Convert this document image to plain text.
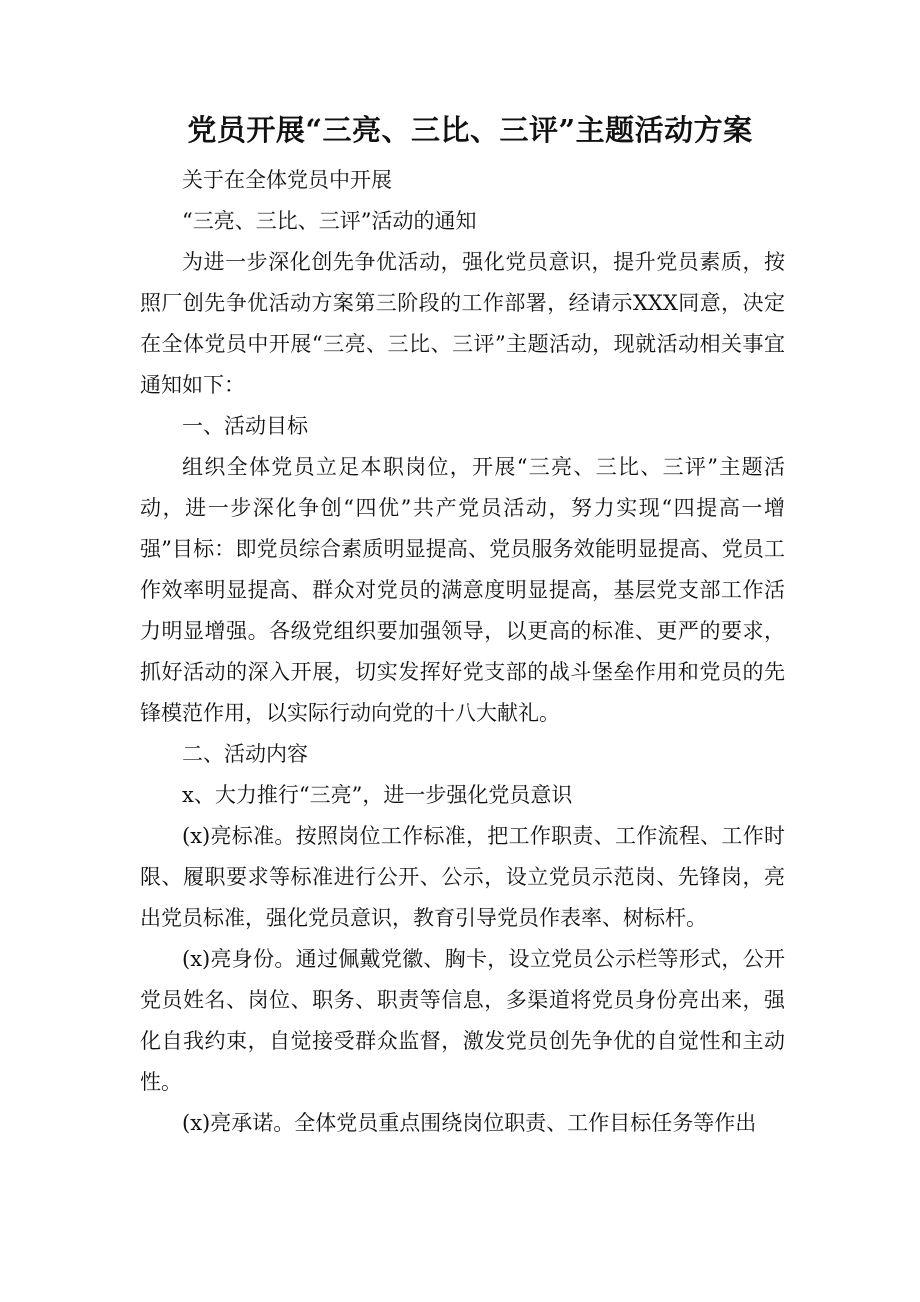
党员开展“三亮、三比、三评”主题活动方案

关于在全体党员中开展

“三亮、三比、三评”活动的通知

为进一步深化创先争优活动，强化党员意识，提升党员素质，按照厂创先争优活动方案第三阶段的工作部署，经请示XXX同意，决定在全体党员中开展“三亮、三比、三评”主题活动，现就活动相关事宜通知如下：

一、活动目标

组织全体党员立足本职岗位，开展“三亮、三比、三评”主题活动，进一步深化争创“四优”共产党员活动，努力实现“四提高一增强”目标：即党员综合素质明显提高、党员服务效能明显提高、党员工作效率明显提高、群众对党员的满意度明显提高，基层党支部工作活力明显增强。各级党组织要加强领导，以更高的标准、更严的要求，抓好活动的深入开展，切实发挥好党支部的战斗堡垒作用和党员的先锋模范作用，以实际行动向党的十八大献礼。

二、活动内容

x、大力推行“三亮”，进一步强化党员意识

(x)亮标准。按照岗位工作标准，把工作职责、工作流程、工作时限、履职要求等标准进行公开、公示，设立党员示范岗、先锋岗，亮出党员标准，强化党员意识，教育引导党员作表率、树标杆。

(x)亮身份。通过佩戴党徽、胸卡，设立党员公示栏等形式，公开党员姓名、岗位、职务、职责等信息，多渠道将党员身份亮出来，强化自我约束，自觉接受群众监督，激发党员创先争优的自觉性和主动性。

(x)亮承诺。全体党员重点围绕岗位职责、工作目标任务等作出
